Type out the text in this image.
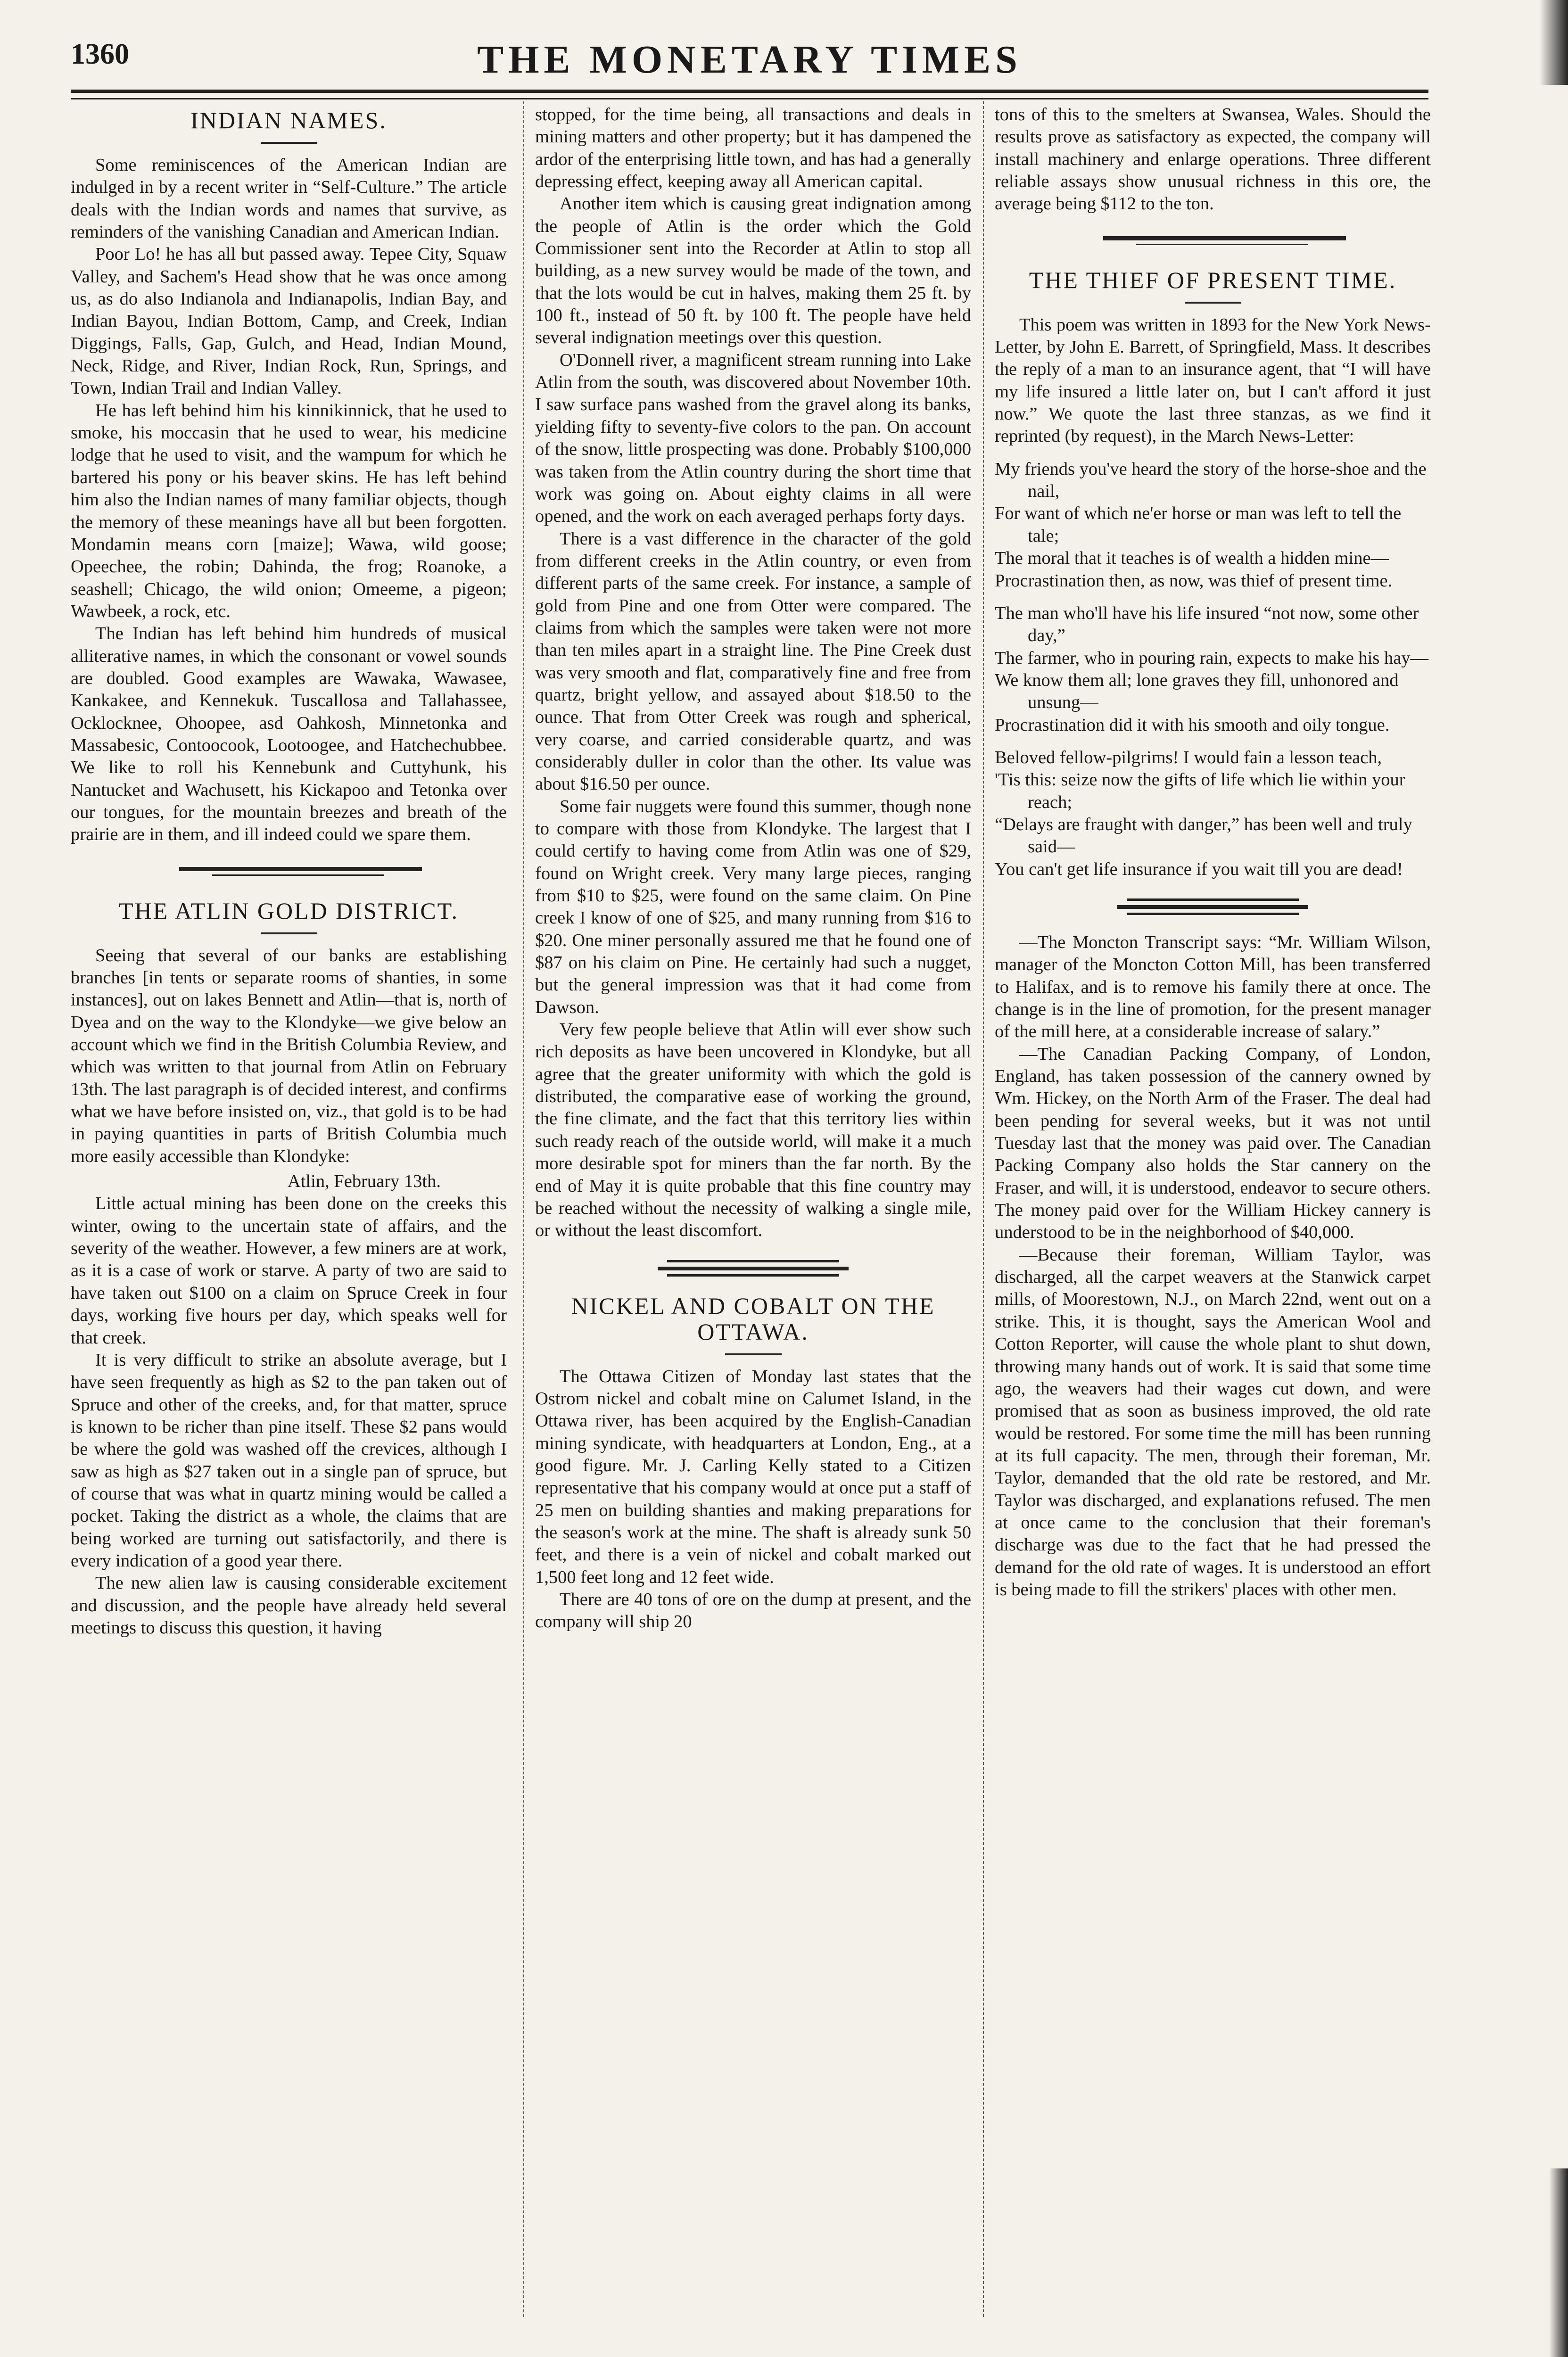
1360	THE MONETARY TIMES
INDIAN NAMES.

Some reminiscences of the American Indian are indulged in by a recent writer in “Self-Culture.” The article deals with the Indian words and names that survive, as reminders of the vanishing Canadian and American Indian.

Poor Lo! he has all but passed away. Tepee City, Squaw Valley, and Sachem's Head show that he was once among us, as do also Indianola and Indianapolis, Indian Bay, and Indian Bayou, Indian Bottom, Camp, and Creek, Indian Diggings, Falls, Gap, Gulch, and Head, Indian Mound, Neck, Ridge, and River, Indian Rock, Run, Springs, and Town, Indian Trail and Indian Valley.

He has left behind him his kinnikinnick, that he used to smoke, his moccasin that he used to wear, his medicine lodge that he used to visit, and the wampum for which he bartered his pony or his beaver skins. He has left behind him also the Indian names of many familiar objects, though the memory of these meanings have all but been forgotten. Mondamin means corn [maize]; Wawa, wild goose; Opeechee, the robin; Dahinda, the frog; Roanoke, a seashell; Chicago, the wild onion; Omeeme, a pigeon; Wawbeek, a rock, etc.

The Indian has left behind him hundreds of musical alliterative names, in which the consonant or vowel sounds are doubled. Good examples are Wawaka, Wawasee, Kankakee, and Kennekuk. Tuscallosa and Tallahassee, Ocklocknee, Ohoopee, asd Oahkosh, Minnetonka and Massabesic, Contoocook, Lootoogee, and Hatchechubbee. We like to roll his Kennebunk and Cuttyhunk, his Nantucket and Wachusett, his Kickapoo and Tetonka over our tongues, for the mountain breezes and breath of the prairie are in them, and ill indeed could we spare them.

THE ATLIN GOLD DISTRICT.

Seeing that several of our banks are establishing branches [in tents or separate rooms of shanties, in some instances], out on lakes Bennett and Atlin—that is, north of Dyea and on the way to the Klondyke—we give below an account which we find in the British Columbia Review, and which was written to that journal from Atlin on February 13th. The last paragraph is of decided interest, and confirms what we have before insisted on, viz., that gold is to be had in paying quantities in parts of British Columbia much more easily accessible than Klondyke:

Atlin, February 13th.

Little actual mining has been done on the creeks this winter, owing to the uncertain state of affairs, and the severity of the weather. However, a few miners are at work, as it is a case of work or starve. A party of two are said to have taken out $100 on a claim on Spruce Creek in four days, working five hours per day, which speaks well for that creek.

It is very difficult to strike an absolute average, but I have seen frequently as high as $2 to the pan taken out of Spruce and other of the creeks, and, for that matter, spruce is known to be richer than pine itself. These $2 pans would be where the gold was washed off the crevices, although I saw as high as $27 taken out in a single pan of spruce, but of course that was what in quartz mining would be called a pocket. Taking the district as a whole, the claims that are being worked are turning out satisfactorily, and there is every indication of a good year there.

The new alien law is causing considerable excitement and discussion, and the people have already held several meetings to discuss this question, it having

stopped, for the time being, all transactions and deals in mining matters and other property; but it has dampened the ardor of the enterprising little town, and has had a generally depressing effect, keeping away all American capital.

Another item which is causing great indignation among the people of Atlin is the order which the Gold Commissioner sent into the Recorder at Atlin to stop all building, as a new survey would be made of the town, and that the lots would be cut in halves, making them 25 ft. by 100 ft., instead of 50 ft. by 100 ft. The people have held several indignation meetings over this question.

O'Donnell river, a magnificent stream running into Lake Atlin from the south, was discovered about November 10th. I saw surface pans washed from the gravel along its banks, yielding fifty to seventy-five colors to the pan. On account of the snow, little prospecting was done. Probably $100,000 was taken from the Atlin country during the short time that work was going on. About eighty claims in all were opened, and the work on each averaged perhaps forty days.

There is a vast difference in the character of the gold from different creeks in the Atlin country, or even from different parts of the same creek. For instance, a sample of gold from Pine and one from Otter were compared. The claims from which the samples were taken were not more than ten miles apart in a straight line. The Pine Creek dust was very smooth and flat, comparatively fine and free from quartz, bright yellow, and assayed about $18.50 to the ounce. That from Otter Creek was rough and spherical, very coarse, and carried considerable quartz, and was considerably duller in color than the other. Its value was about $16.50 per ounce.

Some fair nuggets were found this summer, though none to compare with those from Klondyke. The largest that I could certify to having come from Atlin was one of $29, found on Wright creek. Very many large pieces, ranging from $10 to $25, were found on the same claim. On Pine creek I know of one of $25, and many running from $16 to $20. One miner personally assured me that he found one of $87 on his claim on Pine. He certainly had such a nugget, but the general impression was that it had come from Dawson.

Very few people believe that Atlin will ever show such rich deposits as have been uncovered in Klondyke, but all agree that the greater uniformity with which the gold is distributed, the comparative ease of working the ground, the fine climate, and the fact that this territory lies within such ready reach of the outside world, will make it a much more desirable spot for miners than the far north. By the end of May it is quite probable that this fine country may be reached without the necessity of walking a single mile, or without the least discomfort.

NICKEL AND COBALT ON THE OTTAWA.

The Ottawa Citizen of Monday last states that the Ostrom nickel and cobalt mine on Calumet Island, in the Ottawa river, has been acquired by the English-Canadian mining syndicate, with headquarters at London, Eng., at a good figure. Mr. J. Carling Kelly stated to a Citizen representative that his company would at once put a staff of 25 men on building shanties and making preparations for the season's work at the mine. The shaft is already sunk 50 feet, and there is a vein of nickel and cobalt marked out 1,500 feet long and 12 feet wide.

There are 40 tons of ore on the dump at present, and the company will ship 20

tons of this to the smelters at Swansea, Wales. Should the results prove as satisfactory as expected, the company will install machinery and enlarge operations. Three different reliable assays show unusual richness in this ore, the average being $112 to the ton.

THE THIEF OF PRESENT TIME.

This poem was written in 1893 for the New York News-Letter, by John E. Barrett, of Springfield, Mass. It describes the reply of a man to an insurance agent, that “I will have my life insured a little later on, but I can't afford it just now.” We quote the last three stanzas, as we find it reprinted (by request), in the March News-Letter:

My friends you've heard the story of the horse-shoe and the nail,

For want of which ne'er horse or man was left to tell the tale;

The moral that it teaches is of wealth a hidden mine—

Procrastination then, as now, was thief of present time.

The man who'll have his life insured “not now, some other day,”

The farmer, who in pouring rain, expects to make his hay—

We know them all; lone graves they fill, unhonored and unsung—

Procrastination did it with his smooth and oily tongue.

Beloved fellow-pilgrims! I would fain a lesson teach,

'Tis this: seize now the gifts of life which lie within your reach;

“Delays are fraught with danger,” has been well and truly said—

You can't get life insurance if you wait till you are dead!

—The Moncton Transcript says: “Mr. William Wilson, manager of the Moncton Cotton Mill, has been transferred to Halifax, and is to remove his family there at once. The change is in the line of promotion, for the present manager of the mill here, at a considerable increase of salary.”

—The Canadian Packing Company, of London, England, has taken possession of the cannery owned by Wm. Hickey, on the North Arm of the Fraser. The deal had been pending for several weeks, but it was not until Tuesday last that the money was paid over. The Canadian Packing Company also holds the Star cannery on the Fraser, and will, it is understood, endeavor to secure others. The money paid over for the William Hickey cannery is understood to be in the neighborhood of $40,000.

—Because their foreman, William Taylor, was discharged, all the carpet weavers at the Stanwick carpet mills, of Moorestown, N.J., on March 22nd, went out on a strike. This, it is thought, says the American Wool and Cotton Reporter, will cause the whole plant to shut down, throwing many hands out of work. It is said that some time ago, the weavers had their wages cut down, and were promised that as soon as business improved, the old rate would be restored. For some time the mill has been running at its full capacity. The men, through their foreman, Mr. Taylor, demanded that the old rate be restored, and Mr. Taylor was discharged, and explanations refused. The men at once came to the conclusion that their foreman's discharge was due to the fact that he had pressed the demand for the old rate of wages. It is understood an effort is being made to fill the strikers' places with other men.
